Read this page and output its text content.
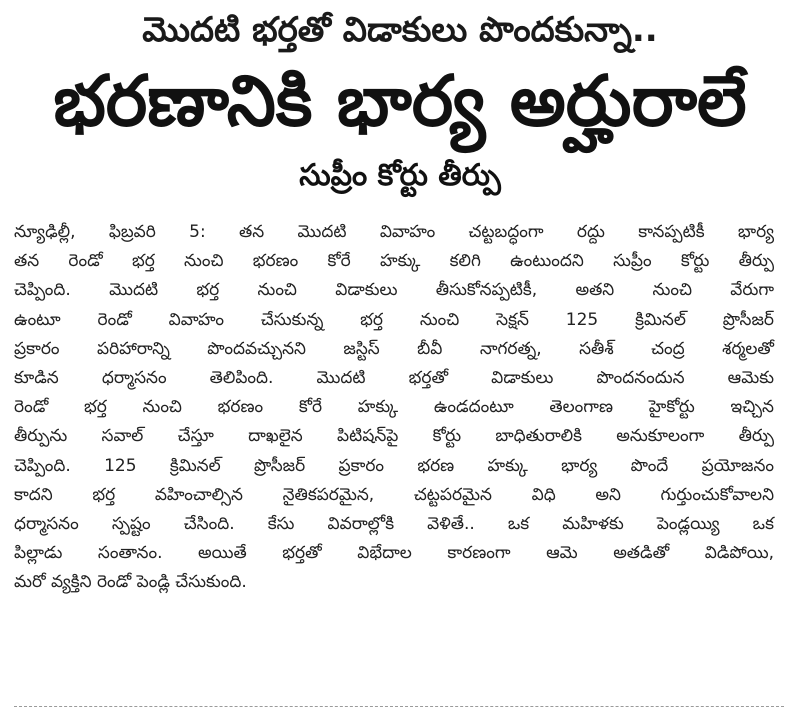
మొదటి భర్తతో విడాకులు పొందకున్నా..
భరణానికి భార్య అర్హురాలే
సుప్రీం కోర్టు తీర్పు
న్యూఢిల్లీ, ఫిబ్రవరి 5: తన మొదటి వివాహం చట్టబద్ధంగా రద్దు కానప్పటికీ భార్య
తన రెండో భర్త నుంచి భరణం కోరే హక్కు కలిగి ఉంటుందని సుప్రీం కోర్టు తీర్పు
చెప్పింది. మొదటి భర్త నుంచి విడాకులు తీసుకోనప్పటికీ, అతని నుంచి వేరుగా
ఉంటూ రెండో వివాహం చేసుకున్న భర్త నుంచి సెక్షన్ 125 క్రిమినల్ ప్రొసీజర్
ప్రకారం పరిహారాన్ని పొందవచ్చునని జస్టిస్ బీవీ నాగరత్న, సతీశ్ చంద్ర శర్మలతో
కూడిన ధర్మాసనం తెలిపింది. మొదటి భర్తతో విడాకులు పొందనందున ఆమెకు
రెండో భర్త నుంచి భరణం కోరే హక్కు ఉండదంటూ తెలంగాణ హైకోర్టు ఇచ్చిన
తీర్పును సవాల్ చేస్తూ దాఖలైన పిటిషన్‌పై కోర్టు బాధితురాలికి అనుకూలంగా తీర్పు
చెప్పింది. 125 క్రిమినల్ ప్రొసీజర్ ప్రకారం భరణ హక్కు భార్య పొందే ప్రయోజనం
కాదని భర్త వహించాల్సిన నైతికపరమైన, చట్టపరమైన విధి అని గుర్తుంచుకోవాలని
ధర్మాసనం స్పష్టం చేసింది. కేసు వివరాల్లోకి వెళితే.. ఒక మహిళకు పెండ్లయ్యి ఒక
పిల్లాడు సంతానం. అయితే భర్తతో విభేదాల కారణంగా ఆమె అతడితో విడిపోయి,
మరో వ్యక్తిని రెండో పెండ్లి చేసుకుంది.
